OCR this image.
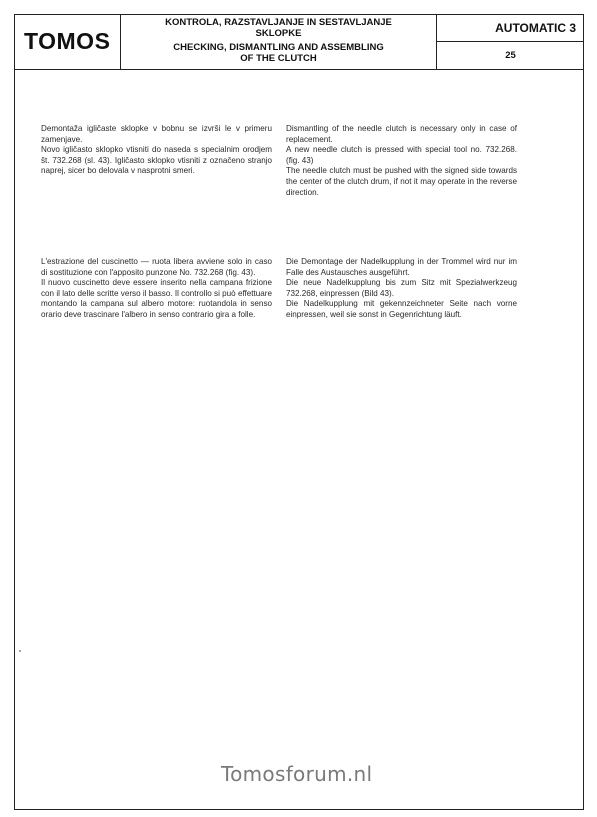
TOMOS
KONTROLA, RAZSTAVLJANJE IN SESTAVLJANJE
SKLOPKE
CHECKING, DISMANTLING AND ASSEMBLING
OF THE CLUTCH
AUTOMATIC 3
25

Demontaža igličaste sklopke v bobnu se izvrši le v primeru zamenjave.

Novo igličasto sklopko vtisniti do naseda s specialnim orodjem št. 732.268 (sl. 43). Igličasto sklopko vtisniti z označeno stranjo naprej, sicer bo delovala v nasprotni smeri.

Dismantling of the needle clutch is necessary only in case of replacement.

A new needle clutch is pressed with special tool no. 732.268. (fig. 43)

The needle clutch must be pushed with the signed side towards the center of the clutch drum, if not it may operate in the reverse direction.

L'estrazione del cuscinetto — ruota libera avviene solo in caso di sostituzione con l'apposito punzone No. 732.268 (fig. 43).

Il nuovo cuscinetto deve essere inserito nella campana frizione con il lato delle scritte verso il basso. Il controllo si può effettuare montando la campana sul albero motore: ruotandola in senso orario deve trascinare l'albero in senso contrario gira a folle.

Die Demontage der Nadelkupplung in der Trommel wird nur im Falle des Austausches ausgeführt.

Die neue Nadelkupplung bis zum Sitz mit Spezialwerkzeug 732.268, einpressen (Bild 43).

Die Nadelkupplung mit gekennzeichneter Seite nach vorne einpressen, weil sie sonst in Gegenrichtung läuft.

Tomosforum.nl
